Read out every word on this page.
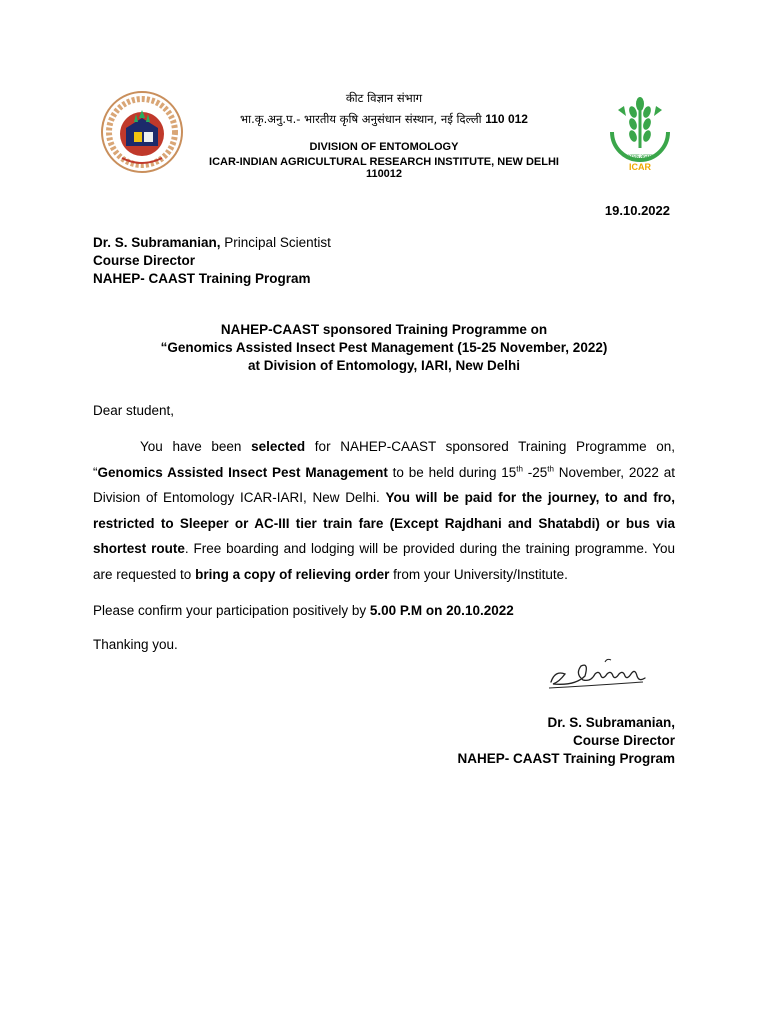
कीट विज्ञान संभाग
भा.कृ.अनु.प.- भारतीय कृषि अनुसंधान संस्थान, नई दिल्ली 110 012
DIVISION OF ENTOMOLOGY
ICAR-INDIAN AGRICULTURAL RESEARCH INSTITUTE, NEW DELHI 110012
भाकृअनुप
ICAR
19.10.2022
Dr. S. Subramanian, Principal Scientist
Course Director
NAHEP- CAAST Training Program
NAHEP-CAAST sponsored Training Programme on
“Genomics Assisted Insect Pest Management (15-25 November, 2022)
at Division of Entomology, IARI, New Delhi
Dear student,
You have been selected for NAHEP-CAAST sponsored Training Programme on, “Genomics Assisted Insect Pest Management to be held during 15th -25th November, 2022 at Division of Entomology ICAR-IARI, New Delhi. You will be paid for the journey, to and fro, restricted to Sleeper or AC-III tier train fare (Except Rajdhani and Shatabdi) or bus via shortest route. Free boarding and lodging will be provided during the training programme. You are requested to bring a copy of relieving order from your University/Institute.
Please confirm your participation positively by 5.00 P.M on 20.10.2022
Thanking you.
Dr. S. Subramanian,
Course Director
NAHEP- CAAST Training Program
